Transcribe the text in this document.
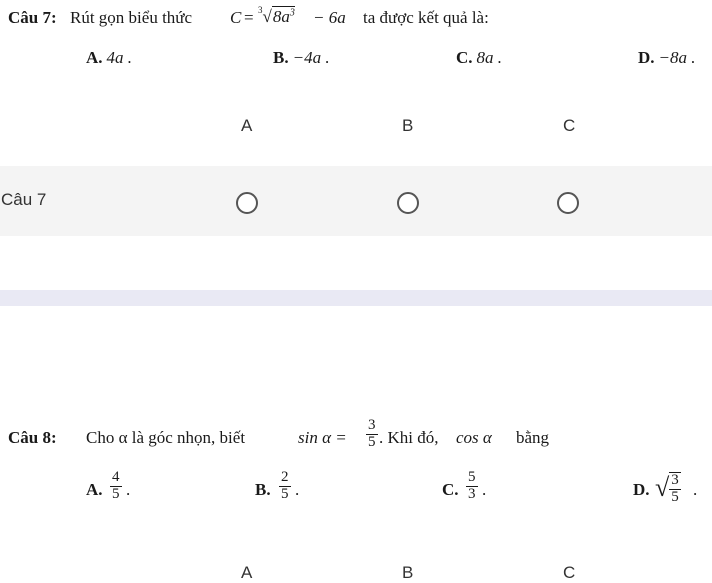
Câu 7: Rút gọn biểu thức C = $^3$ √ $8a^3 - 6a$ ta được kết quả là:
A. 4a .	B. −4a .	C. 8a .	D. −8a .
A	B	C
Câu 7
Câu 8: Cho α là góc nhọn, biết	$\sin \alpha = \frac{3}{5}$ . Khi đó, cos α bằng
A. $\frac{4}{5}$ .	B. $\frac{2}{5}$ .	C. $\frac{5}{3}$ .	D. √ $\frac{3}{5}$ .
A	B	C
